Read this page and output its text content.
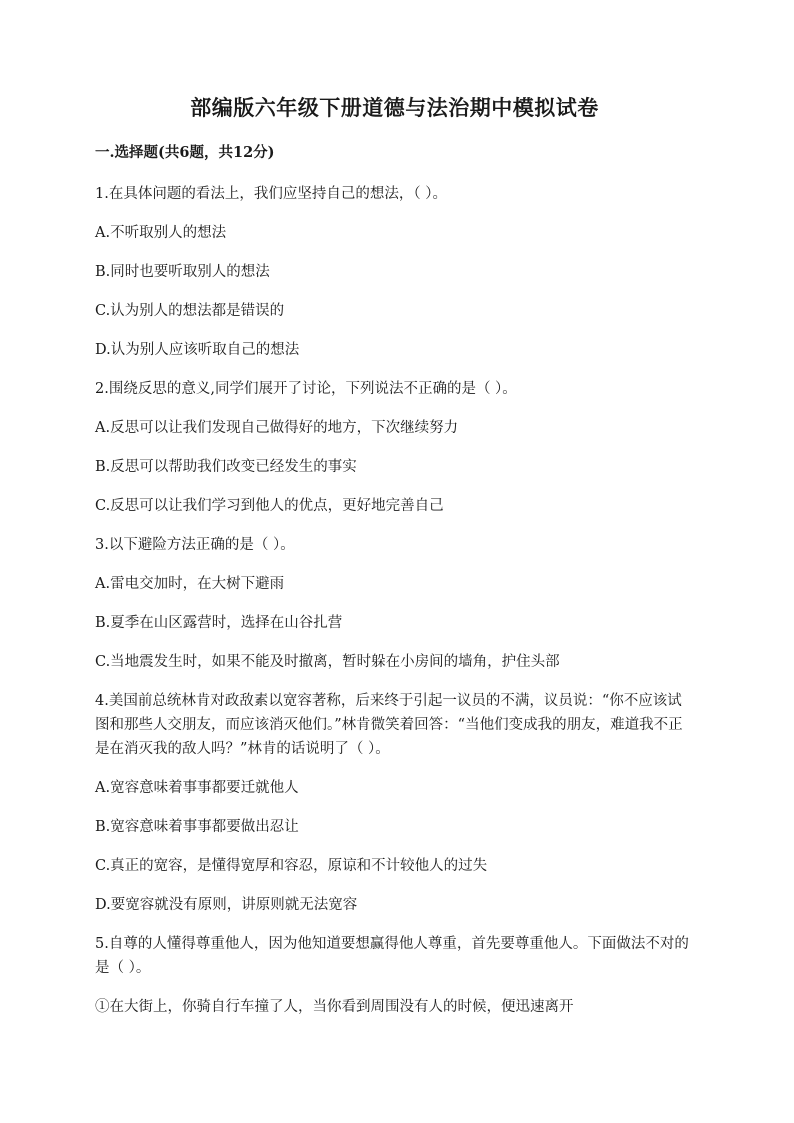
部编版六年级下册道德与法治期中模拟试卷
一.选择题(共6题，共12分)
1.在具体问题的看法上，我们应坚持自己的想法，（ ）。
A.不听取别人的想法
B.同时也要听取别人的想法
C.认为别人的想法都是错误的
D.认为别人应该听取自己的想法
2.围绕反思的意义,同学们展开了讨论，下列说法不正确的是（ ）。
A.反思可以让我们发现自己做得好的地方，下次继续努力
B.反思可以帮助我们改变已经发生的事实
C.反思可以让我们学习到他人的优点，更好地完善自己
3.以下避险方法正确的是（ ）。
A.雷电交加时，在大树下避雨
B.夏季在山区露营时，选择在山谷扎营
C.当地震发生时，如果不能及时撤离，暂时躲在小房间的墙角，护住头部
4.美国前总统林肯对政敌素以宽容著称，后来终于引起一议员的不满，议员说：“你不应该试图和那些人交朋友，而应该消灭他们。”林肯微笑着回答：“当他们变成我的朋友，难道我不正是在消灭我的敌人吗？”林肯的话说明了（ ）。
A.宽容意味着事事都要迁就他人
B.宽容意味着事事都要做出忍让
C.真正的宽容，是懂得宽厚和容忍，原谅和不计较他人的过失
D.要宽容就没有原则，讲原则就无法宽容
5.自尊的人懂得尊重他人，因为他知道要想赢得他人尊重，首先要尊重他人。下面做法不对的是（ ）。
①在大街上，你骑自行车撞了人，当你看到周围没有人的时候，便迅速离开
